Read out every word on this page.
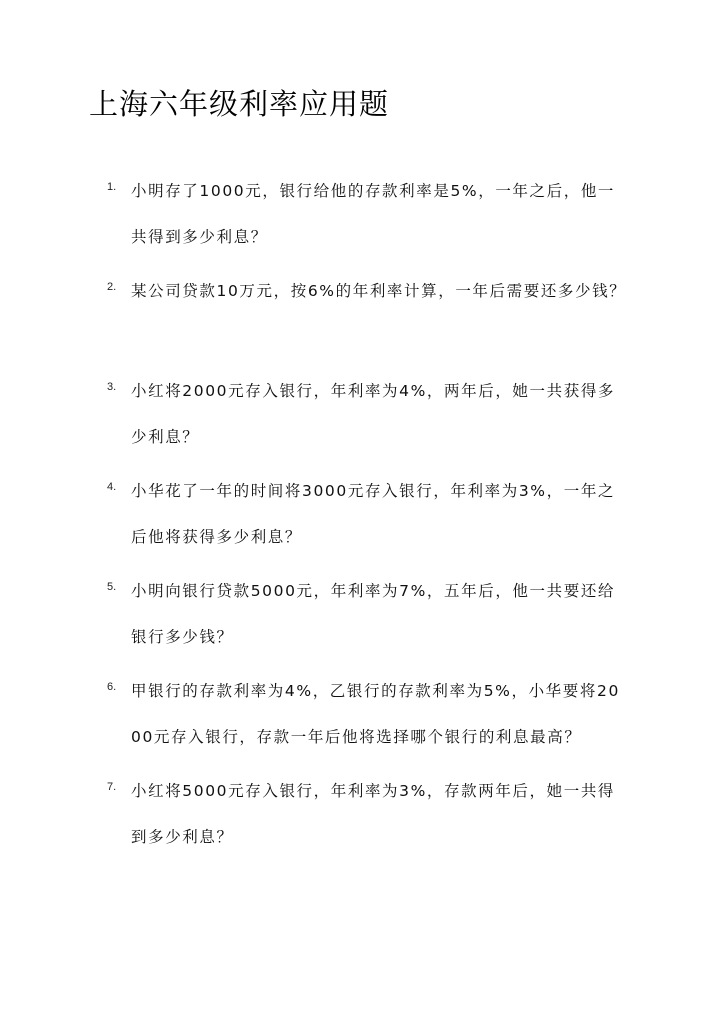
上海六年级利率应用题
1. 小明存了1000元，银行给他的存款利率是5%，一年之后，他一共得到多少利息？

2. 某公司贷款10万元，按6%的年利率计算，一年后需要还多少钱？

3. 小红将2000元存入银行，年利率为4%，两年后，她一共获得多少利息？

4. 小华花了一年的时间将3000元存入银行，年利率为3%，一年之后他将获得多少利息？

5. 小明向银行贷款5000元，年利率为7%，五年后，他一共要还给银行多少钱？

6. 甲银行的存款利率为4%，乙银行的存款利率为5%，小华要将2000元存入银行，存款一年后他将选择哪个银行的利息最高？

7. 小红将5000元存入银行，年利率为3%，存款两年后，她一共得到多少利息？
